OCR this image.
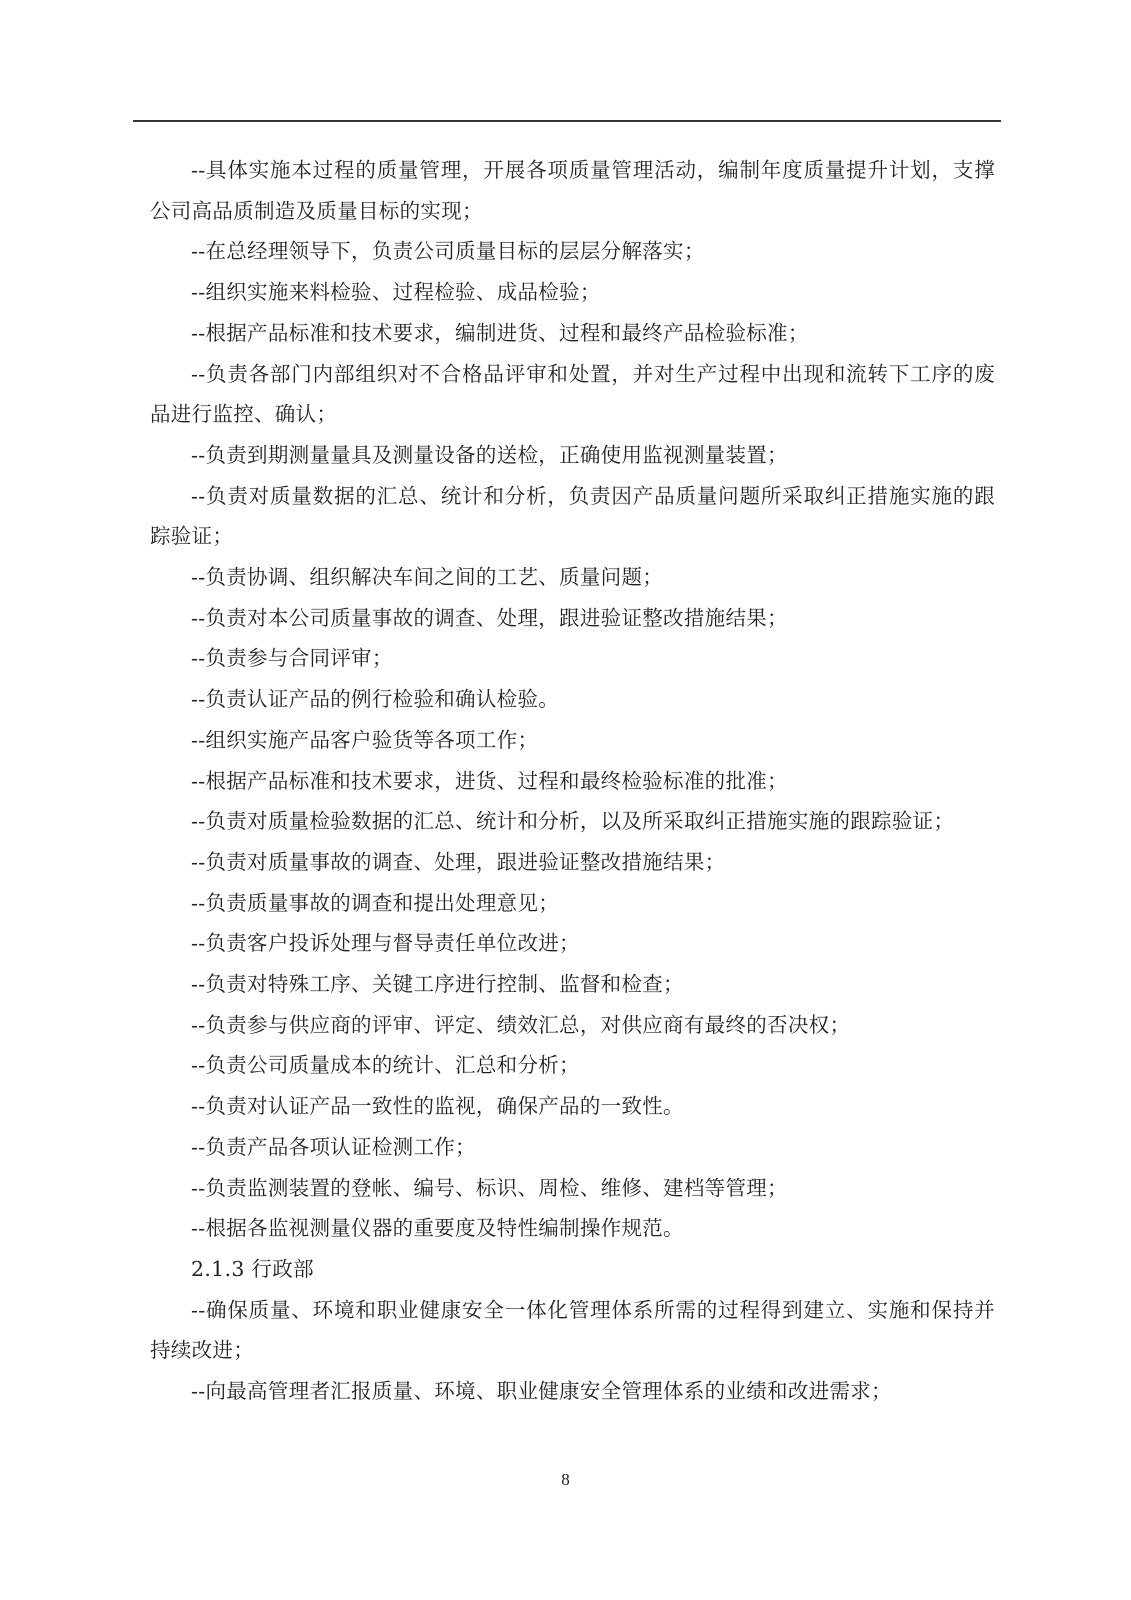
--具体实施本过程的质量管理，开展各项质量管理活动，编制年度质量提升计划，支撑公司高品质制造及质量目标的实现；

--在总经理领导下，负责公司质量目标的层层分解落实；

--组织实施来料检验、过程检验、成品检验；

--根据产品标准和技术要求，编制进货、过程和最终产品检验标准；

--负责各部门内部组织对不合格品评审和处置，并对生产过程中出现和流转下工序的废品进行监控、确认；

--负责到期测量量具及测量设备的送检，正确使用监视测量装置；

--负责对质量数据的汇总、统计和分析，负责因产品质量问题所采取纠正措施实施的跟踪验证；

--负责协调、组织解决车间之间的工艺、质量问题；

--负责对本公司质量事故的调查、处理，跟进验证整改措施结果；

--负责参与合同评审；

--负责认证产品的例行检验和确认检验。

--组织实施产品客户验货等各项工作；

--根据产品标准和技术要求，进货、过程和最终检验标准的批准；

--负责对质量检验数据的汇总、统计和分析，以及所采取纠正措施实施的跟踪验证；

--负责对质量事故的调查、处理，跟进验证整改措施结果；

--负责质量事故的调查和提出处理意见；

--负责客户投诉处理与督导责任单位改进；

--负责对特殊工序、关键工序进行控制、监督和检查；

--负责参与供应商的评审、评定、绩效汇总，对供应商有最终的否决权；

--负责公司质量成本的统计、汇总和分析；

--负责对认证产品一致性的监视，确保产品的一致性。

--负责产品各项认证检测工作；

--负责监测装置的登帐、编号、标识、周检、维修、建档等管理；

--根据各监视测量仪器的重要度及特性编制操作规范。

2.1.3 行政部

--确保质量、环境和职业健康安全一体化管理体系所需的过程得到建立、实施和保持并持续改进；

--向最高管理者汇报质量、环境、职业健康安全管理体系的业绩和改进需求；

8
